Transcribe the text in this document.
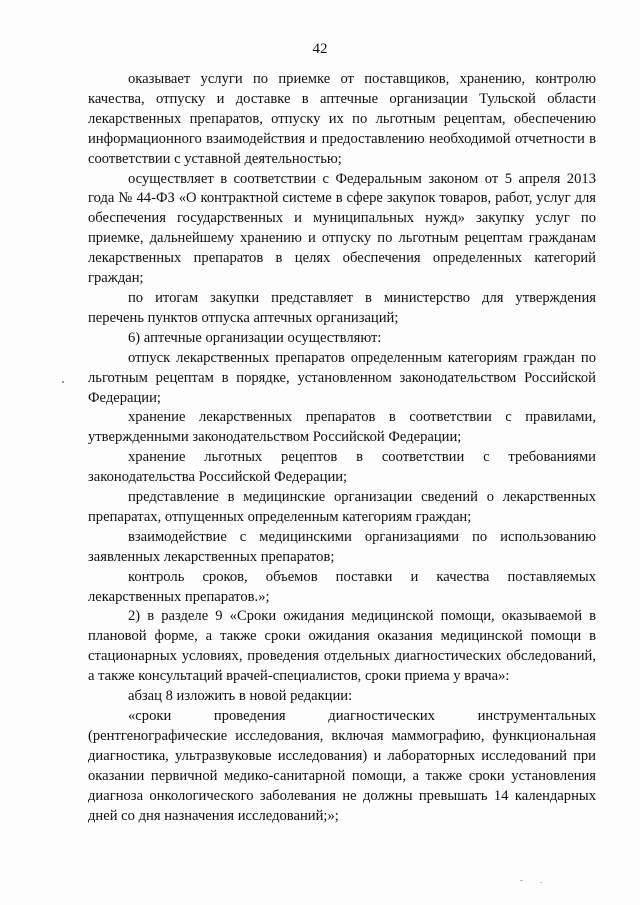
42

оказывает услуги по приемке от поставщиков, хранению, контролю качества, отпуску и доставке в аптечные организации Тульской области лекарственных препаратов, отпуску их по льготным рецептам, обеспечению информационного взаимодействия и предоставлению необходимой отчетности в соответствии с уставной деятельностью;

осуществляет в соответствии с Федеральным законом от 5 апреля 2013 года № 44-ФЗ «О контрактной системе в сфере закупок товаров, работ, услуг для обеспечения государственных и муниципальных нужд» закупку услуг по приемке, дальнейшему хранению и отпуску по льготным рецептам гражданам лекарственных препаратов в целях обеспечения определенных категорий граждан;

по итогам закупки представляет в министерство для утверждения перечень пунктов отпуска аптечных организаций;

6) аптечные организации осуществляют:

отпуск лекарственных препаратов определенным категориям граждан по льготным рецептам в порядке, установленном законодательством Российской Федерации;

хранение лекарственных препаратов в соответствии с правилами, утвержденными законодательством Российской Федерации;

хранение льготных рецептов в соответствии с требованиями законодательства Российской Федерации;

представление в медицинские организации сведений о лекарственных препаратах, отпущенных определенным категориям граждан;

взаимодействие с медицинскими организациями по использованию заявленных лекарственных препаратов;

контроль сроков, объемов поставки и качества поставляемых лекарственных препаратов.»;

2) в разделе 9 «Сроки ожидания медицинской помощи, оказываемой в плановой форме, а также сроки ожидания оказания медицинской помощи в стационарных условиях, проведения отдельных диагностических обследований, а также консультаций врачей-специалистов, сроки приема у врача»:

абзац 8 изложить в новой редакции:

«сроки проведения диагностических инструментальных (рентгенографические исследования, включая маммографию, функциональная диагностика, ультразвуковые исследования) и лабораторных исследований при оказании первичной медико-санитарной помощи, а также сроки установления диагноза онкологического заболевания не должны превышать 14 календарных дней со дня назначения исследований;»;
